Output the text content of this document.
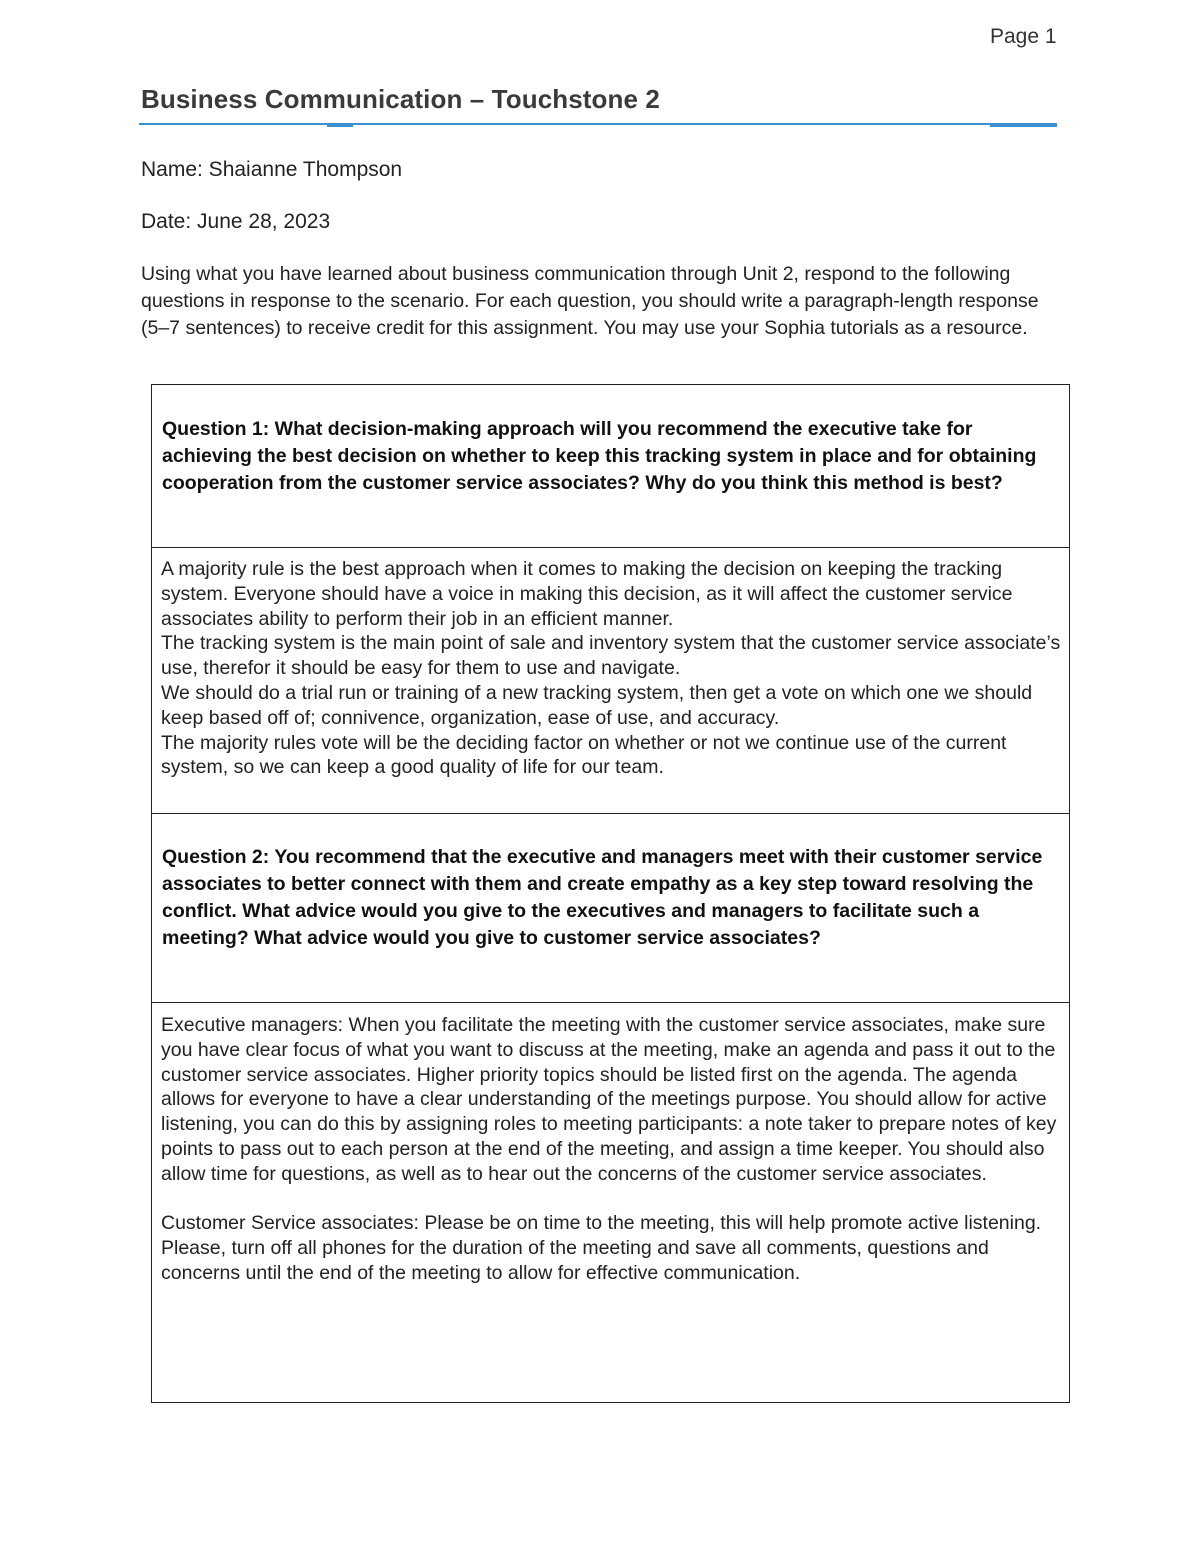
Page 1
Business Communication – Touchstone 2

Name: Shaianne Thompson

Date: June 28, 2023

Using what you have learned about business communication through Unit 2, respond to the following questions in response to the scenario. For each question, you should write a paragraph-length response (5–7 sentences) to receive credit for this assignment. You may use your Sophia tutorials as a resource.

Question 1: What decision-making approach will you recommend the executive take for achieving the best decision on whether to keep this tracking system in place and for obtaining cooperation from the customer service associates? Why do you think this method is best?

A majority rule is the best approach when it comes to making the decision on keeping the tracking system. Everyone should have a voice in making this decision, as it will affect the customer service associates ability to perform their job in an efficient manner.

The tracking system is the main point of sale and inventory system that the customer service associate’s use, therefor it should be easy for them to use and navigate.

We should do a trial run or training of a new tracking system, then get a vote on which one we should keep based off of; connivence, organization, ease of use, and accuracy.

The majority rules vote will be the deciding factor on whether or not we continue use of the current system, so we can keep a good quality of life for our team.

Question 2: You recommend that the executive and managers meet with their customer service associates to better connect with them and create empathy as a key step toward resolving the conflict. What advice would you give to the executives and managers to facilitate such a meeting? What advice would you give to customer service associates?

Executive managers: When you facilitate the meeting with the customer service associates, make sure you have clear focus of what you want to discuss at the meeting, make an agenda and pass it out to the customer service associates. Higher priority topics should be listed first on the agenda. The agenda allows for everyone to have a clear understanding of the meetings purpose. You should allow for active listening, you can do this by assigning roles to meeting participants: a note taker to prepare notes of key points to pass out to each person at the end of the meeting, and assign a time keeper. You should also allow time for questions, as well as to hear out the concerns of the customer service associates.

Customer Service associates: Please be on time to the meeting, this will help promote active listening. Please, turn off all phones for the duration of the meeting and save all comments, questions and concerns until the end of the meeting to allow for effective communication.
